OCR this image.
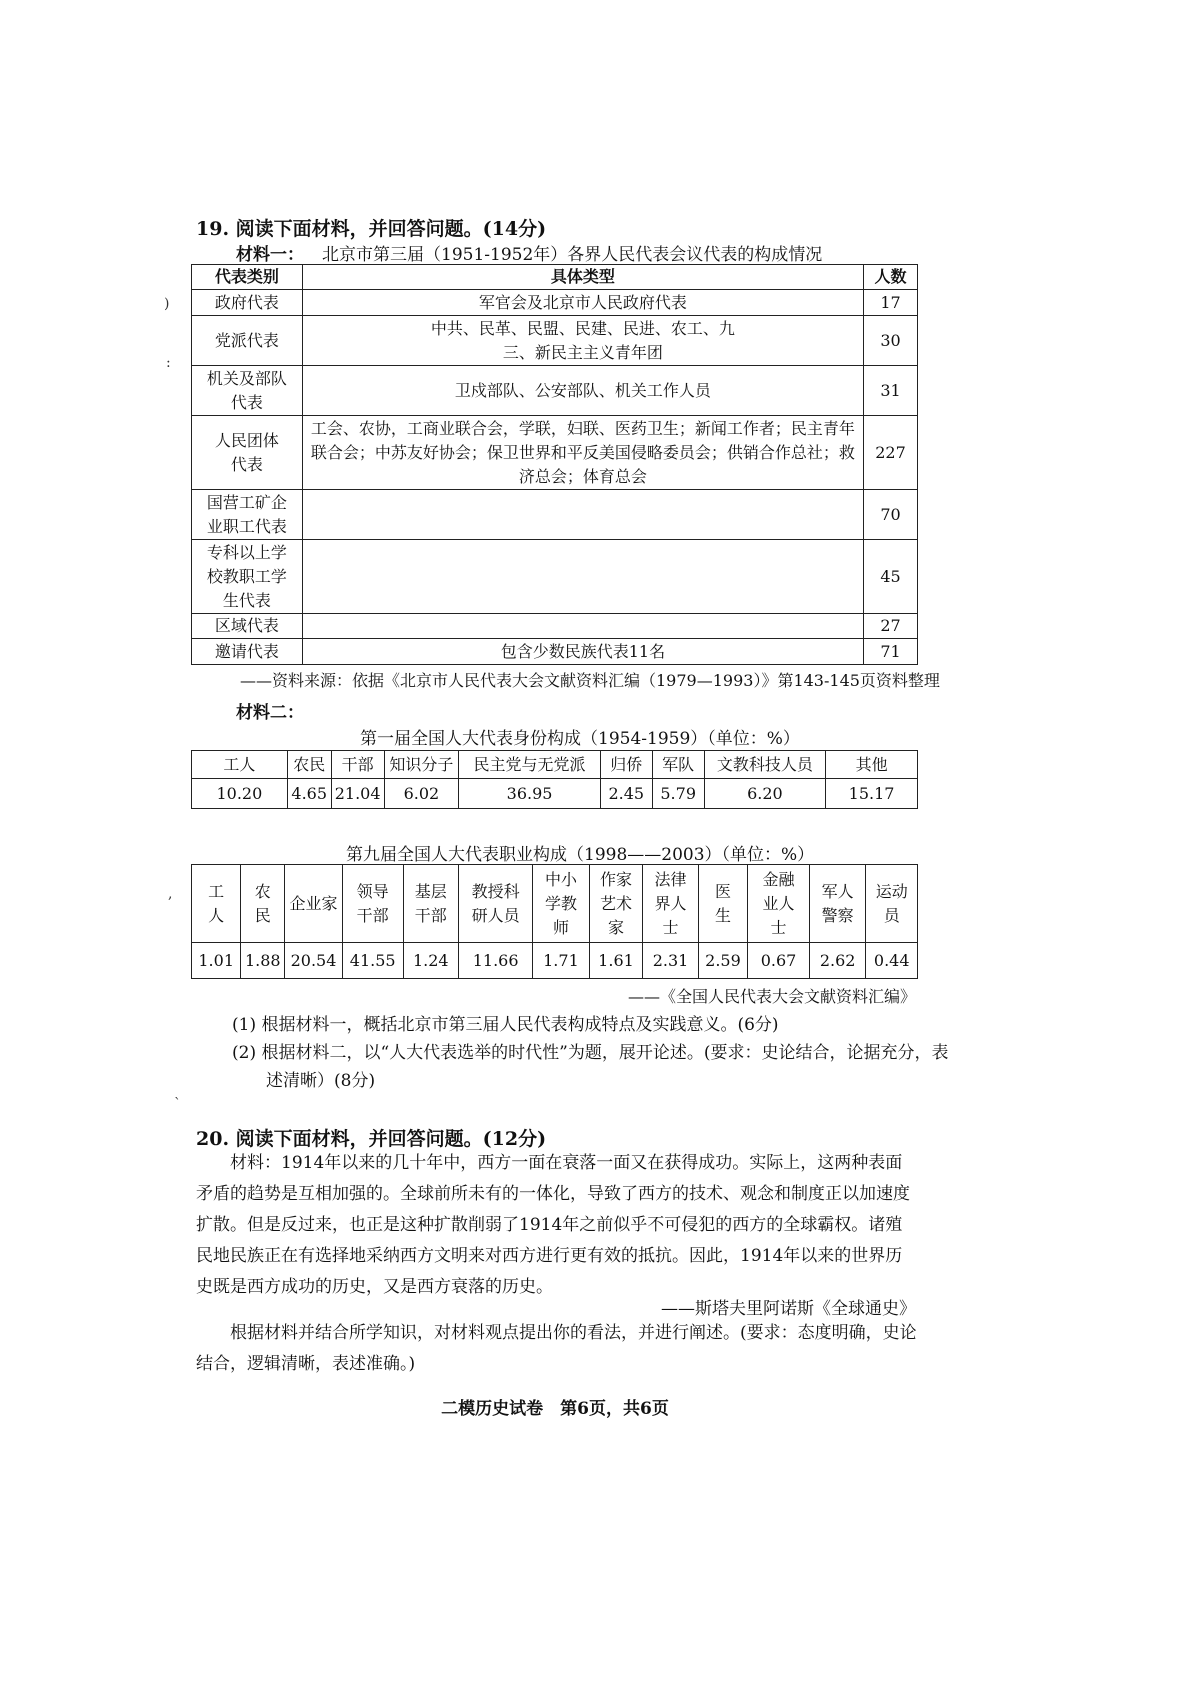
19. 阅读下面材料，并回答问题。(14分)
材料一： 北京市第三届（1951-1952年）各界人民代表会议代表的构成情况
代表类别	具体类型	人数
政府代表	军官会及北京市人民政府代表	17
党派代表	中共、民革、民盟、民建、民进、农工、九三、新民主主义青年团	30
机关及部队代表	卫戍部队、公安部队、机关工作人员	31
人民团体代表	工会、农协，工商业联合会，学联，妇联、医药卫生；新闻工作者；民主青年联合会；中苏友好协会；保卫世界和平反美国侵略委员会；供销合作总社；救济总会；体育总会	227
国营工矿企业职工代表		70
专科以上学校教职工学生代表		45
区域代表		27
邀请代表	包含少数民族代表11名	71
——资料来源：依据《北京市人民代表大会文献资料汇编（1979—1993）》第143-145页资料整理
材料二：
第一届全国人大代表身份构成（1954-1959）（单位：%）
工人	农民	干部	知识分子	民主党与无党派	归侨	军队	文教科技人员	其他
10.20	4.65	21.04	6.02	36.95	2.45	5.79	6.20	15.17
第九届全国人大代表职业构成（1998——2003）（单位：%）
工人	农民	企业家	领导干部	基层干部	教授科研人员	中小学教师	作家艺术家	法律界人士	医生	金融业人士	军人警察	运动员
1.01	1.88	20.54	41.55	1.24	11.66	1.71	1.61	2.31	2.59	0.67	2.62	0.44
——《全国人民代表大会文献资料汇编》
(1) 根据材料一，概括北京市第三届人民代表构成特点及实践意义。(6分)
(2) 根据材料二，以“人大代表选举的时代性”为题，展开论述。(要求：史论结合，论据充分，表
述清晰）(8分)
20. 阅读下面材料，并回答问题。(12分)

材料：1914年以来的几十年中，西方一面在衰落一面又在获得成功。实际上，这两种表面矛盾的趋势是互相加强的。全球前所未有的一体化，导致了西方的技术、观念和制度正以加速度扩散。但是反过来，也正是这种扩散削弱了1914年之前似乎不可侵犯的西方的全球霸权。诸殖民地民族正在有选择地采纳西方文明来对西方进行更有效的抵抗。因此，1914年以来的世界历史既是西方成功的历史，又是西方衰落的历史。

——斯塔夫里阿诺斯《全球通史》

根据材料并结合所学知识，对材料观点提出你的看法，并进行阐述。(要求：态度明确，史论结合，逻辑清晰，表述准确。)

二模历史试卷　第6页，共6页
)
:
,
`
